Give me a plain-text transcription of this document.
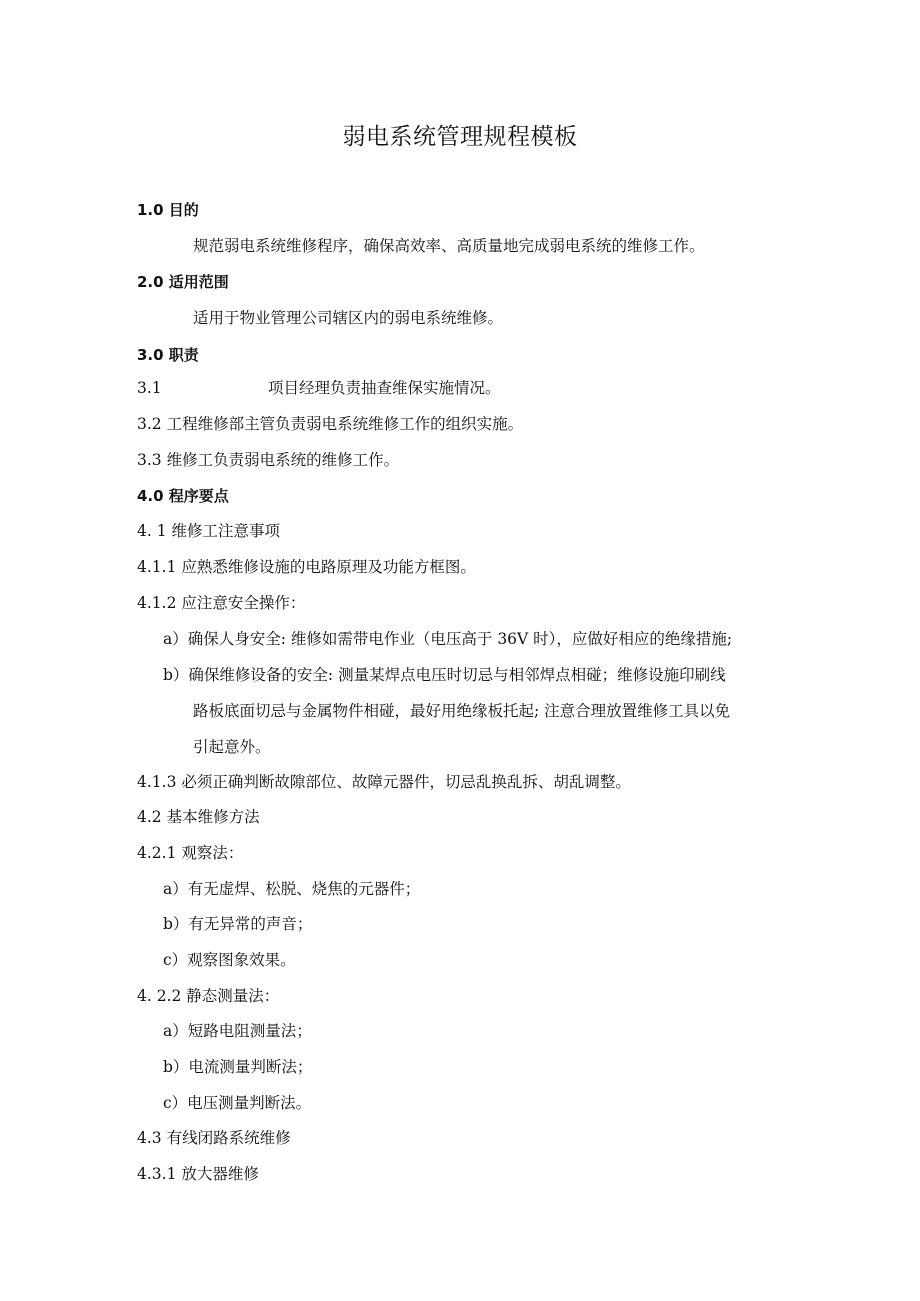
弱电系统管理规程模板
1.0 目的
规范弱电系统维修程序，确保高效率、高质量地完成弱电系统的维修工作。
2.0 适用范围
适用于物业管理公司辖区内的弱电系统维修。
3.0 职责
3.1	项目经理负责抽查维保实施情况。
3.2 工程维修部主管负责弱电系统维修工作的组织实施。
3.3 维修工负责弱电系统的维修工作。
4.0 程序要点
4. 1 维修工注意事项
4.1.1 应熟悉维修设施的电路原理及功能方框图。
4.1.2 应注意安全操作：
a）确保人身安全: 维修如需带电作业（电压高于 36V 时），应做好相应的绝缘措施;
b）确保维修设备的安全: 测量某焊点电压时切忌与相邻焊点相碰；维修设施印刷线
路板底面切忌与金属物件相碰，最好用绝缘板托起; 注意合理放置维修工具以免
引起意外。
4.1.3 必须正确判断故隙部位、故障元器件，切忌乱换乱拆、胡乱调整。
4.2 基本维修方法
4.2.1 观察法：
a）有无虚焊、松脱、烧焦的元器件；
b）有无异常的声音；
c）观察图象效果。
4. 2.2 静态测量法：
a）短路电阻测量法；
b）电流测量判断法；
c）电压测量判断法。
4.3 有线闭路系统维修
4.3.1 放大器维修
